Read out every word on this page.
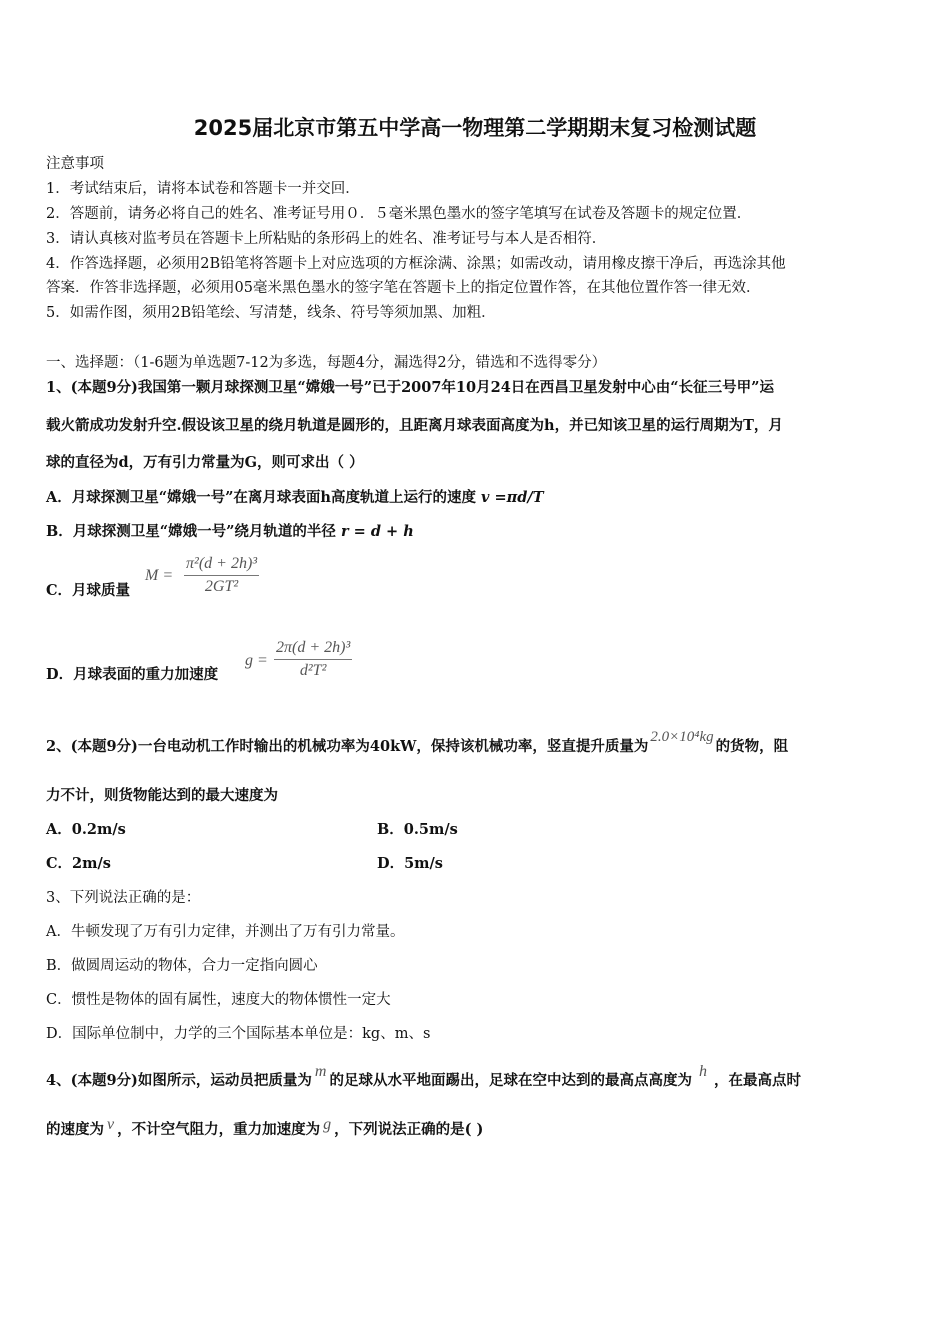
2025届北京市第五中学高一物理第二学期期末复习检测试题
注意事项
1．考试结束后，请将本试卷和答题卡一并交回．
2．答题前，请务必将自己的姓名、准考证号用０．５毫米黑色墨水的签字笔填写在试卷及答题卡的规定位置．
3．请认真核对监考员在答题卡上所粘贴的条形码上的姓名、准考证号与本人是否相符．
4．作答选择题，必须用2B铅笔将答题卡上对应选项的方框涂满、涂黑；如需改动，请用橡皮擦干净后，再选涂其他
答案．作答非选择题，必须用05毫米黑色墨水的签字笔在答题卡上的指定位置作答，在其他位置作答一律无效．
5．如需作图，须用2B铅笔绘、写清楚，线条、符号等须加黑、加粗．
一、选择题：（1-6题为单选题7-12为多选，每题4分，漏选得2分，错选和不选得零分）
1、(本题9分)我国第一颗月球探测卫星“嫦娥一号”已于2007年10月24日在西昌卫星发射中心由“长征三号甲”运
载火箭成功发射升空.假设该卫星的绕月轨道是圆形的，且距离月球表面高度为h，并已知该卫星的运行周期为T，月
球的直径为d，万有引力常量为G，则可求出（ ）
A．月球探测卫星“嫦娥一号”在离月球表面h高度轨道上运行的速度 v =πd/T
B．月球探测卫星“嫦娥一号”绕月轨道的半径 r = d + h
C．月球质量
$M = \frac{\text{π²(d + 2h)³}}{\text{2GT²}}$
D．月球表面的重力加速度
$g = \frac{\text{2π(d + 2h)³}}{\text{d²T²}}$
2、(本题9分)一台电动机工作时输出的机械功率为40kW，保持该机械功率，竖直提升质量为2.0×10⁴kg的货物，阻
力不计，则货物能达到的最大速度为
A．0.2m/s	B．0.5m/s
C．2m/s	D．5m/s
3、下列说法正确的是：
A．牛顿发现了万有引力定律，并测出了万有引力常量。
B．做圆周运动的物体，合力一定指向圆心
C．惯性是物体的固有属性，速度大的物体惯性一定大
D．国际单位制中，力学的三个国际基本单位是：kg、m、s
4、(本题9分)如图所示，运动员把质量为m的足球从水平地面踢出，足球在空中达到的最高点高度为h，在最高点时
的速度为 v ，不计空气阻力，重力加速度为 g ，下列说法正确的是( )
